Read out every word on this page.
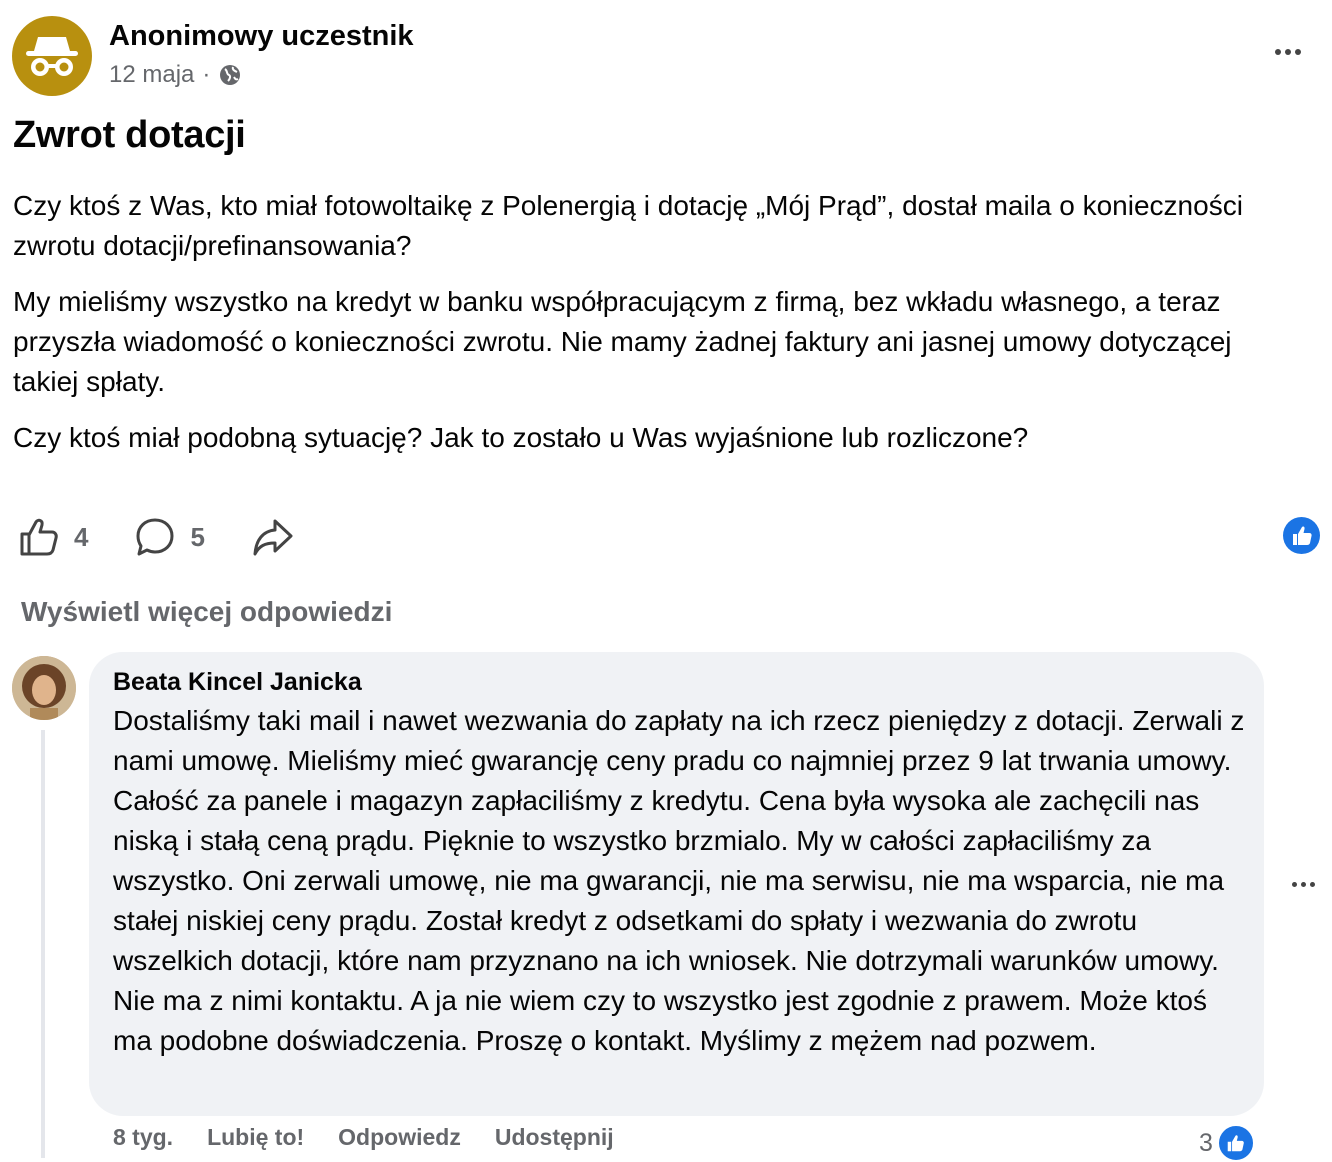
Anonimowy uczestnik
12 maja ·
Zwrot dotacji

Czy ktoś z Was, kto miał fotowoltaikę z Polenergią i dotację „Mój Prąd”, dostał maila o konieczności zwrotu dotacji/prefinansowania?

My mieliśmy wszystko na kredyt w banku współpracującym z firmą, bez wkładu własnego, a teraz przyszła wiadomość o konieczności zwrotu. Nie mamy żadnej faktury ani jasnej umowy dotyczącej takiej spłaty.

Czy ktoś miał podobną sytuację? Jak to zostało u Was wyjaśnione lub rozliczone?

4	5
Wyświetl więcej odpowiedzi
Beata Kincel Janicka
Dostaliśmy taki mail i nawet wezwania do zapłaty na ich rzecz pieniędzy z dotacji. Zerwali z nami umowę. Mieliśmy mieć gwarancję ceny pradu co najmniej przez 9 lat trwania umowy. Całość za panele i magazyn zapłaciliśmy z kredytu. Cena była wysoka ale zachęcili nas niską i stałą ceną prądu. Pięknie to wszystko brzmialo. My w całości zapłaciliśmy za wszystko. Oni zerwali umowę, nie ma gwarancji, nie ma serwisu, nie ma wsparcia, nie ma stałej niskiej ceny prądu. Został kredyt z odsetkami do spłaty i wezwania do zwrotu wszelkich dotacji, które nam przyznano na ich wniosek. Nie dotrzymali warunków umowy. Nie ma z nimi kontaktu. A ja nie wiem czy to wszystko jest zgodnie z prawem. Może ktoś ma podobne doświadczenia. Proszę o kontakt. Myślimy z mężem nad pozwem.
8 tyg. Lubię to! Odpowiedz Udostępnij	3
